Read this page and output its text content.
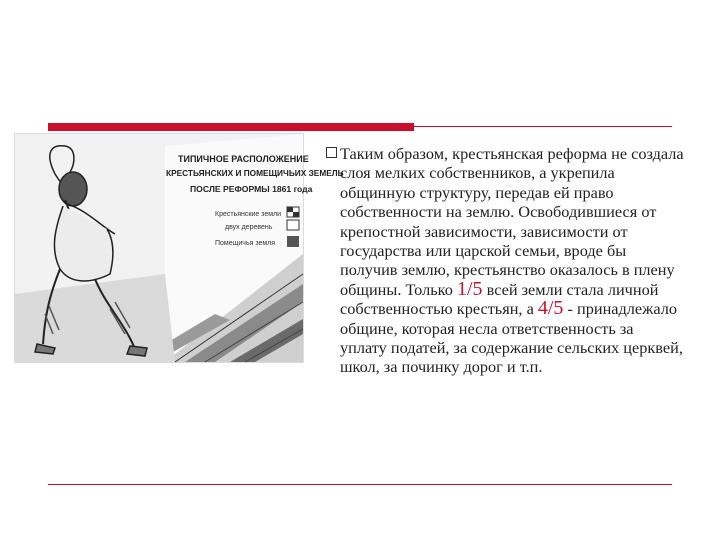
ТИПИЧНОЕ РАСПОЛОЖЕНИЕ
КРЕСТЬЯНСКИХ И ПОМЕЩИЧЬИХ ЗЕМЕЛЬ
ПОСЛЕ РЕФОРМЫ 1861 года
Крестьянские земли
двух деревень
Помещичья земля
Таким образом, крестьянская реформа не создала слоя мелких собственников, а укрепила общинную структуру, передав ей право собственности на землю. Освободившиеся от крепостной зависимости, зависимости от государства или царской семьи, вроде бы получив землю, крестьянство оказалось в плену общины. Только 1/5 всей земли стала личной собственностью крестьян, а 4/5 - принадлежало общине, которая несла ответственность за уплату податей, за содержание сельских церквей, школ, за починку дорог и т.п.
